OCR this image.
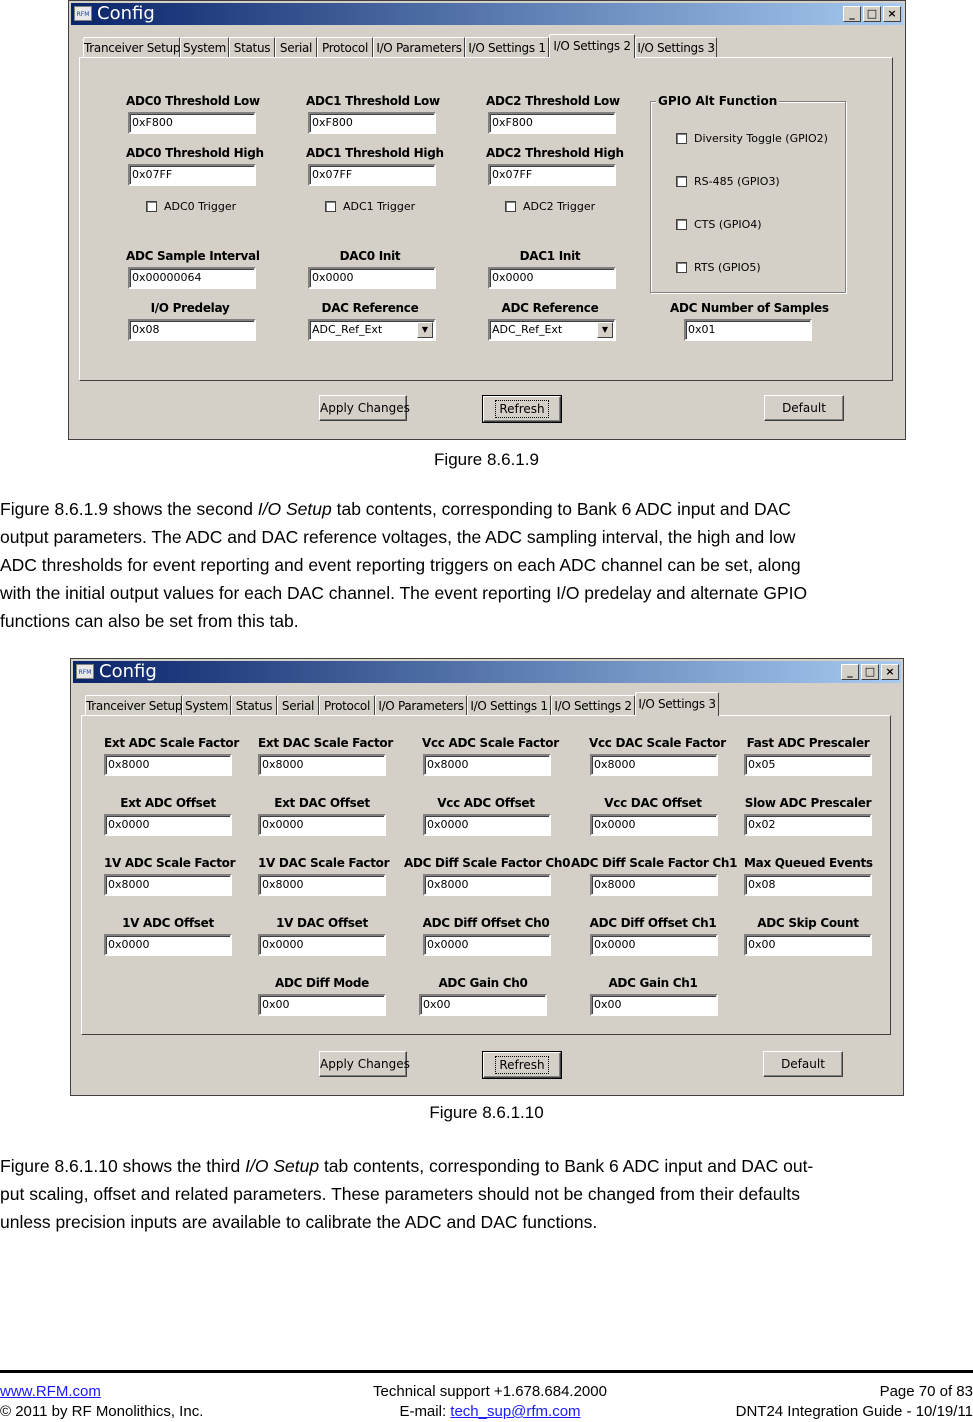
RFM Config	_	□ ×
Tranceiver Setup System Status Serial Protocol I/O Parameters I/O Settings 1 I/O Settings 2 I/O Settings 3
ADC0 Threshold Low
0xF800
ADC1 Threshold Low
0xF800
ADC2 Threshold Low
0xF800
ADC0 Threshold High
0x07FF
ADC1 Threshold High
0x07FF
ADC2 Threshold High
0x07FF
ADC0 Trigger	ADC1 Trigger	ADC2 Trigger
ADC Sample Interval
0x00000064
DAC0 Init
0x0000
DAC1 Init
0x0000
I/O Predelay
0x08
DAC Reference
ADC_Ref_Ext	▼
ADC Reference
ADC_Ref_Ext	▼
ADC Number of Samples
0x01
GPIO Alt Function
Diversity Toggle (GPIO2)
RS-485 (GPIO3)
CTS (GPIO4)
RTS (GPIO5)
Apply Changes	Refresh	Default
Figure 8.6.1.9
Figure 8.6.1.9 shows the second I/O Setup tab contents, corresponding to Bank 6 ADC input and DAC
output parameters. The ADC and DAC reference voltages, the ADC sampling interval, the high and low
ADC thresholds for event reporting and event reporting triggers on each ADC channel can be set, along
with the initial output values for each DAC channel. The event reporting I/O predelay and alternate GPIO
functions can also be set from this tab.
RFM Config	_	□ ×
Tranceiver Setup System Status Serial Protocol I/O Parameters I/O Settings 1 I/O Settings 2 I/O Settings 3
Ext ADC Scale Factor
0x8000
Ext DAC Scale Factor
0x8000
Vcc ADC Scale Factor
0x8000
Vcc DAC Scale Factor
0x8000
Fast ADC Prescaler
0x05
Ext ADC Offset
0x0000
Ext DAC Offset
0x0000
Vcc ADC Offset
0x0000
Vcc DAC Offset
0x0000
Slow ADC Prescaler
0x02
1V ADC Scale Factor
0x8000
1V DAC Scale Factor
0x8000
ADC Diff Scale Factor Ch0
0x8000
ADC Diff Scale Factor Ch1
0x8000
Max Queued Events
0x08
1V ADC Offset
0x0000
1V DAC Offset
0x0000
ADC Diff Offset Ch0
0x0000
ADC Diff Offset Ch1
0x0000
ADC Skip Count
0x00
ADC Diff Mode
0x00
ADC Gain Ch0
0x00
ADC Gain Ch1
0x00
Apply Changes	Refresh	Default
Figure 8.6.1.10
Figure 8.6.1.10 shows the third I/O Setup tab contents, corresponding to Bank 6 ADC input and DAC out-
put scaling, offset and related parameters. These parameters should not be changed from their defaults
unless precision inputs are available to calibrate the ADC and DAC functions.
www.RFM.com
© 2011 by RF Monolithics, Inc.
Technical support +1.678.684.2000
E-mail: tech_sup@rfm.com
Page 70 of 83
DNT24 Integration Guide - 10/19/11
